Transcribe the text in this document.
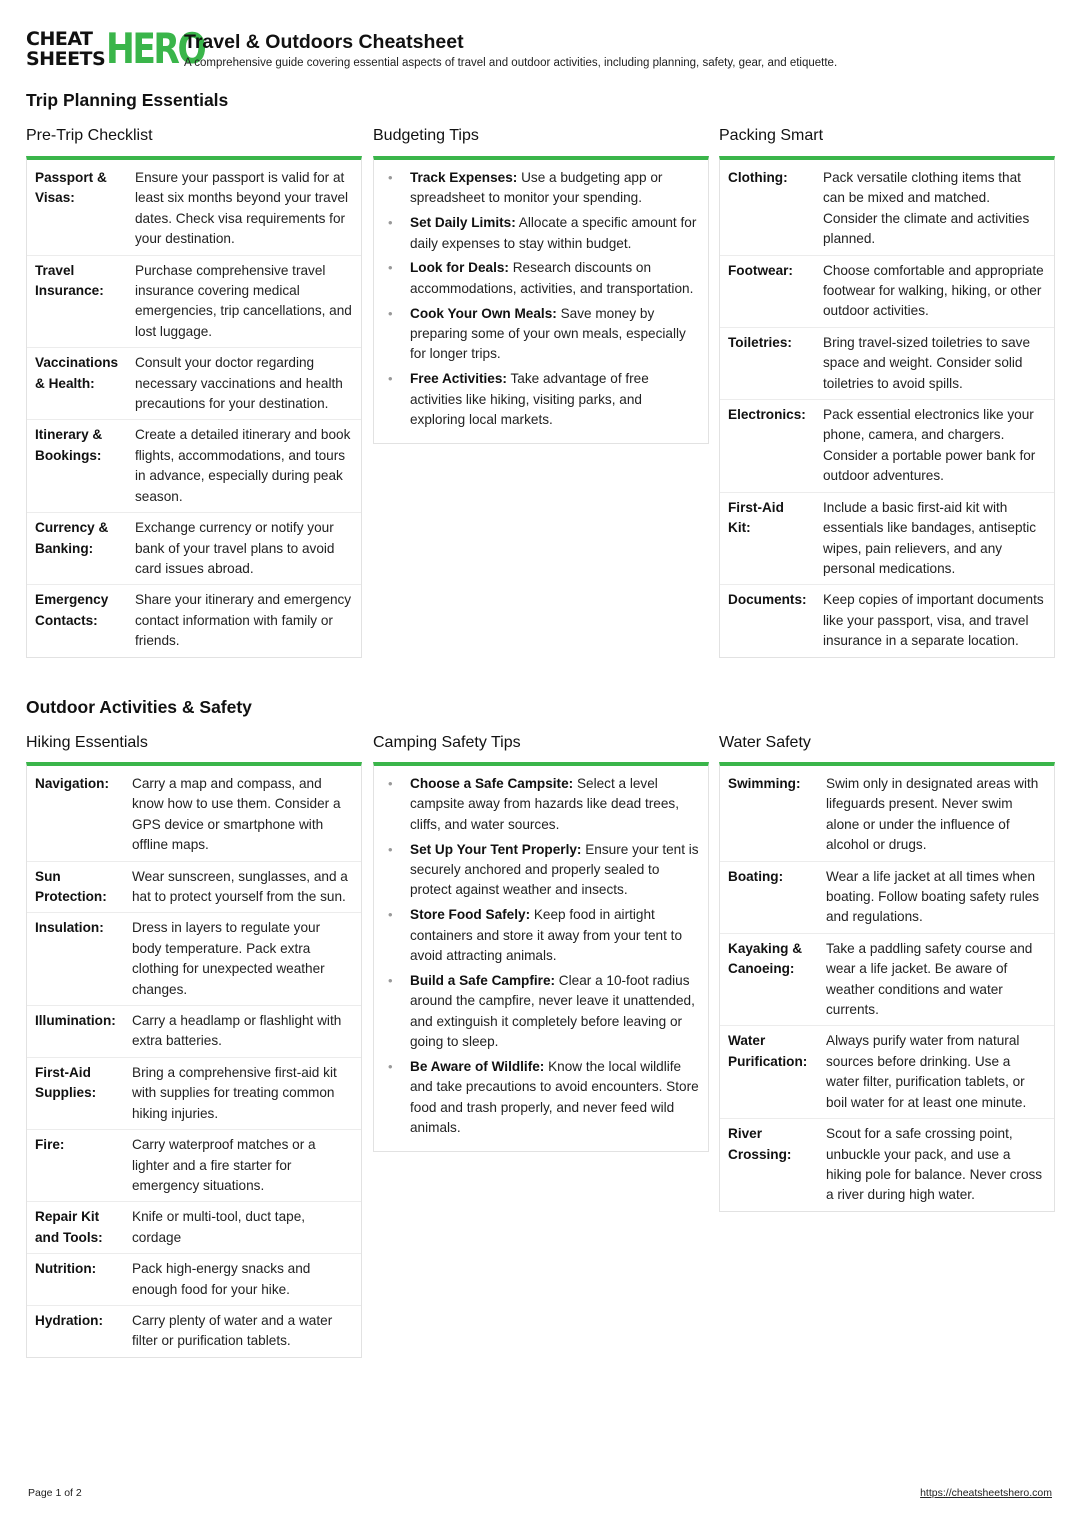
CHEAT
SHEETS HERO
Travel & Outdoors Cheatsheet
A comprehensive guide covering essential aspects of travel and outdoor activities, including planning, safety, gear, and etiquette.
Trip Planning Essentials
Pre-Trip Checklist
Passport & Visas:	Ensure your passport is valid for at least six months beyond your travel dates. Check visa requirements for your destination.
Travel Insurance:	Purchase comprehensive travel insurance covering medical emergencies, trip cancellations, and lost luggage.
Vaccinations & Health:	Consult your doctor regarding necessary vaccinations and health precautions for your destination.
Itinerary & Bookings:	Create a detailed itinerary and book flights, accommodations, and tours in advance, especially during peak season.
Currency & Banking:	Exchange currency or notify your bank of your travel plans to avoid card issues abroad.
Emergency Contacts:	Share your itinerary and emergency contact information with family or friends.
Budgeting Tips
• Track Expenses: Use a budgeting app or spreadsheet to monitor your spending.
• Set Daily Limits: Allocate a specific amount for daily expenses to stay within budget.
• Look for Deals: Research discounts on accommodations, activities, and transportation.
• Cook Your Own Meals: Save money by preparing some of your own meals, especially for longer trips.
• Free Activities: Take advantage of free activities like hiking, visiting parks, and exploring local markets.
Packing Smart
Clothing:	Pack versatile clothing items that can be mixed and matched. Consider the climate and activities planned.
Footwear:	Choose comfortable and appropriate footwear for walking, hiking, or other outdoor activities.
Toiletries:	Bring travel-sized toiletries to save space and weight. Consider solid toiletries to avoid spills.
Electronics:	Pack essential electronics like your phone, camera, and chargers. Consider a portable power bank for outdoor adventures.
First-Aid Kit:	Include a basic first-aid kit with essentials like bandages, antiseptic wipes, pain relievers, and any personal medications.
Documents:	Keep copies of important documents like your passport, visa, and travel insurance in a separate location.
Outdoor Activities & Safety
Hiking Essentials
Navigation:	Carry a map and compass, and know how to use them. Consider a GPS device or smartphone with offline maps.
Sun Protection:	Wear sunscreen, sunglasses, and a hat to protect yourself from the sun.
Insulation:	Dress in layers to regulate your body temperature. Pack extra clothing for unexpected weather changes.
Illumination:	Carry a headlamp or flashlight with extra batteries.
First-Aid Supplies:	Bring a comprehensive first-aid kit with supplies for treating common hiking injuries.
Fire:	Carry waterproof matches or a lighter and a fire starter for emergency situations.
Repair Kit and Tools:	Knife or multi-tool, duct tape, cordage
Nutrition:	Pack high-energy snacks and enough food for your hike.
Hydration:	Carry plenty of water and a water filter or purification tablets.
Camping Safety Tips
• Choose a Safe Campsite: Select a level campsite away from hazards like dead trees, cliffs, and water sources.
• Set Up Your Tent Properly: Ensure your tent is securely anchored and properly sealed to protect against weather and insects.
• Store Food Safely: Keep food in airtight containers and store it away from your tent to avoid attracting animals.
• Build a Safe Campfire: Clear a 10-foot radius around the campfire, never leave it unattended, and extinguish it completely before leaving or going to sleep.
• Be Aware of Wildlife: Know the local wildlife and take precautions to avoid encounters. Store food and trash properly, and never feed wild animals.
Water Safety
Swimming:	Swim only in designated areas with lifeguards present. Never swim alone or under the influence of alcohol or drugs.
Boating:	Wear a life jacket at all times when boating. Follow boating safety rules and regulations.
Kayaking & Canoeing:	Take a paddling safety course and wear a life jacket. Be aware of weather conditions and water currents.
Water Purification:	Always purify water from natural sources before drinking. Use a water filter, purification tablets, or boil water for at least one minute.
River Crossing:	Scout for a safe crossing point, unbuckle your pack, and use a hiking pole for balance. Never cross a river during high water.
Page 1 of 2	https://cheatsheetshero.com
